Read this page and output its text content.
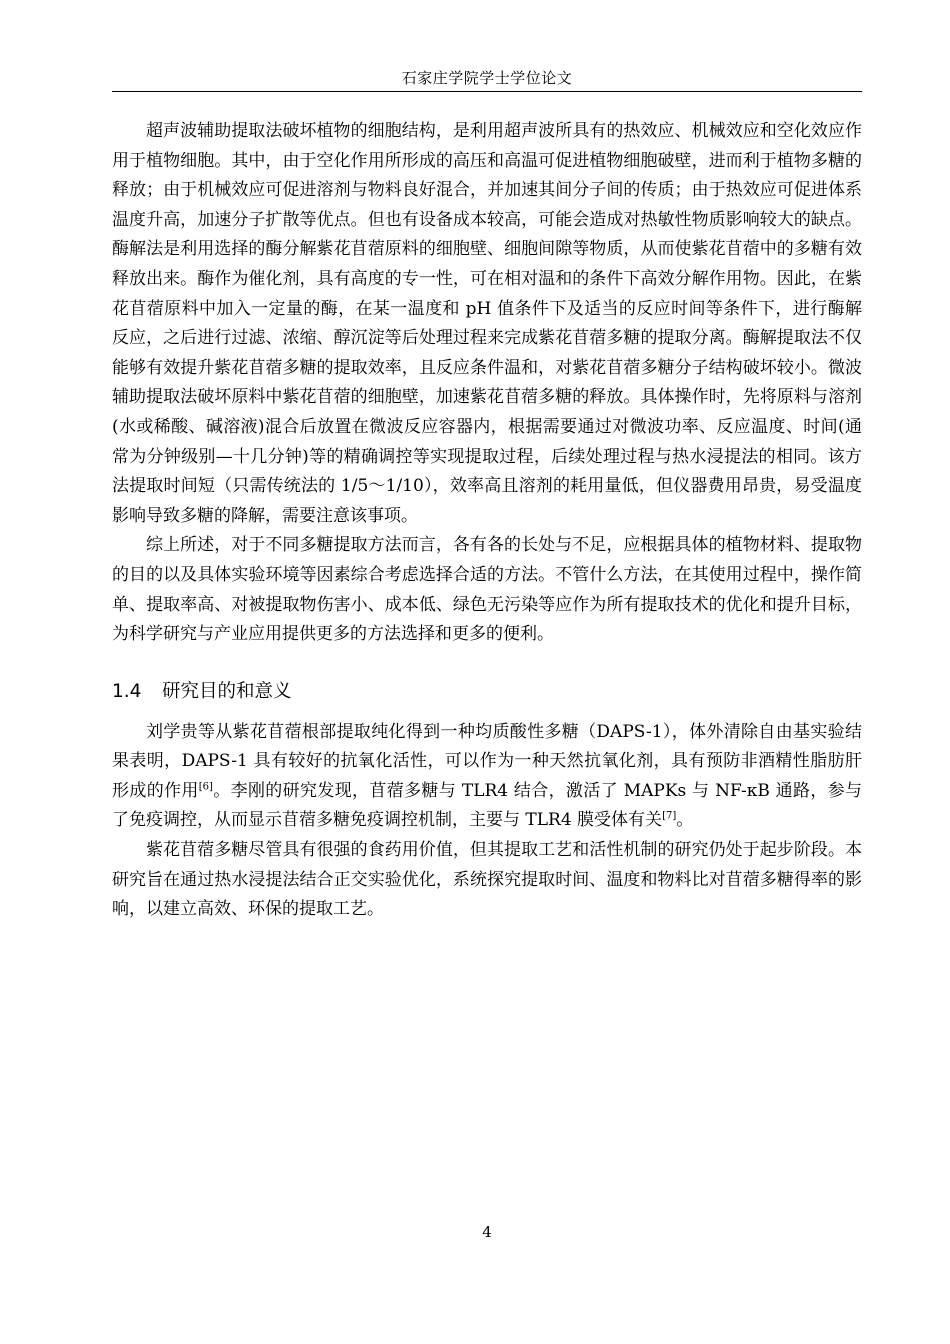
石家庄学院学士学位论文

超声波辅助提取法破坏植物的细胞结构，是利用超声波所具有的热效应、机械效应和空化效应作用于植物细胞。其中，由于空化作用所形成的高压和高温可促进植物细胞破壁，进而利于植物多糖的释放；由于机械效应可促进溶剂与物料良好混合，并加速其间分子间的传质；由于热效应可促进体系温度升高，加速分子扩散等优点。但也有设备成本较高，可能会造成对热敏性物质影响较大的缺点。酶解法是利用选择的酶分解紫花苜蓿原料的细胞壁、细胞间隙等物质，从而使紫花苜蓿中的多糖有效释放出来。酶作为催化剂，具有高度的专一性，可在相对温和的条件下高效分解作用物。因此，在紫花苜蓿原料中加入一定量的酶，在某一温度和 pH 值条件下及适当的反应时间等条件下，进行酶解反应，之后进行过滤、浓缩、醇沉淀等后处理过程来完成紫花苜蓿多糖的提取分离。酶解提取法不仅能够有效提升紫花苜蓿多糖的提取效率，且反应条件温和，对紫花苜蓿多糖分子结构破坏较小。微波辅助提取法破坏原料中紫花苜蓿的细胞壁，加速紫花苜蓿多糖的释放。具体操作时，先将原料与溶剂(水或稀酸、碱溶液)混合后放置在微波反应容器内，根据需要通过对微波功率、反应温度、时间(通常为分钟级别—十几分钟)等的精确调控等实现提取过程，后续处理过程与热水浸提法的相同。该方法提取时间短（只需传统法的 1/5～1/10），效率高且溶剂的耗用量低，但仪器费用昂贵，易受温度影响导致多糖的降解，需要注意该事项。

综上所述，对于不同多糖提取方法而言，各有各的长处与不足，应根据具体的植物材料、提取物的目的以及具体实验环境等因素综合考虑选择合适的方法。不管什么方法，在其使用过程中，操作简单、提取率高、对被提取物伤害小、成本低、绿色无污染等应作为所有提取技术的优化和提升目标，为科学研究与产业应用提供更多的方法选择和更多的便利。

1.4 研究目的和意义

刘学贵等从紫花苜蓿根部提取纯化得到一种均质酸性多糖（DAPS-1），体外清除自由基实验结果表明，DAPS-1 具有较好的抗氧化活性，可以作为一种天然抗氧化剂，具有预防非酒精性脂肪肝形成的作用[6]。李刚的研究发现，苜蓿多糖与 TLR4 结合，激活了 MAPKs 与 NF-κB 通路，参与了免疫调控，从而显示苜蓿多糖免疫调控机制，主要与 TLR4 膜受体有关[7]。

紫花苜蓿多糖尽管具有很强的食药用价值，但其提取工艺和活性机制的研究仍处于起步阶段。本研究旨在通过热水浸提法结合正交实验优化，系统探究提取时间、温度和物料比对苜蓿多糖得率的影响，以建立高效、环保的提取工艺。

4
